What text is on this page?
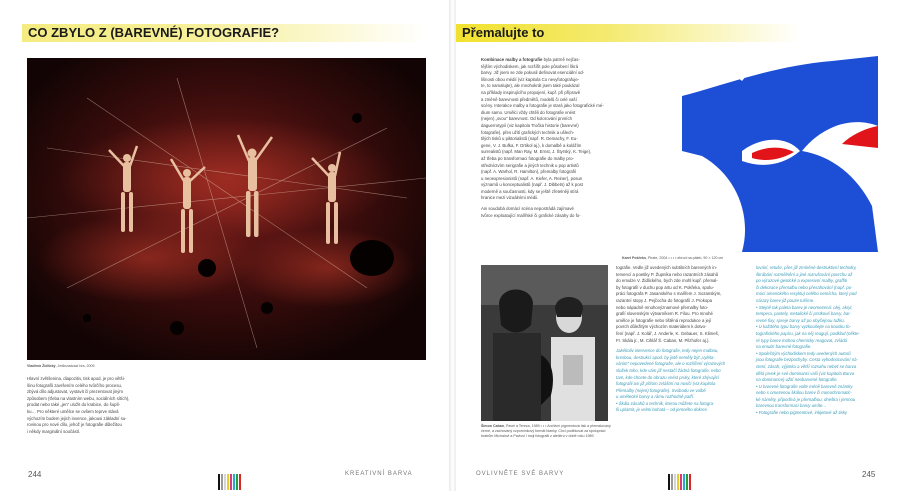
CO ZBYLO Z (BAREVNÉ) FOTOGRAFIE?
Vladimír Židlický, Jedinzadzaci hra, 2009
Hlavní zvětšenina, diapozitiv, tisk apod. je pro větši-
šinu fotografů završením celého tvůrčího procesu,
zbývá dílo adjustovat, vystavit či prezentovat jiným
způsobem (třeba na vlastním webu, sociálních sítích),
prodat nebo také „jen“ uložit do krabice, do šuplí-
ku… Pro některé umělce se ovšem teprve stává
výchozím bodem jejich invence, jakousi základní su-
rovinou pro nové dílo, jehož je fotografie důležitou
i někdy marginální součástí.
244	KREATIVNÍ BARVA
Přemalujte to
Kombinace malby a fotografie byla patrně nejčas-
tějším východiskem, jak rozšířit pole působení škrá
barvy. Již jsem se zde pokusil definovat esenciální od-
lišnosti obou médií (viz kapitola Co nevyfotografuje-
te, to namalujte), ale mnohokrát jsem také poukázal
na příklady inspirujícího propojení, kupř. při přípravě
a změně barevnosti předmětů, modelů či celé vaší
scény. Interakce malby a fotografie je stará jako fotografické mé-
dium samo. Umělci vždy chtěli do fotografie vnést
(nejen) „svou“ barevnost. Od kolorování prvních
daguerrotypií (viz kapitola Tročka historie (barevné)
fotografie), přes užití grafických technik a ušlech-
tilých tisků u piktorialistů (např. R. Demachy, F. Eu-
gene, V. J. Bufka, F. Drtikol aj.), k domalbě a kolážím
surrealistů (např. Man Ray, M. Ernst, J. Štyrský, K. Teige),
až třeba po transformaci fotografie do malby pro-
středníctvím serigrafie a jiných technik u pop artistů
(např. A. Warhol, R. Hamilton), přemalby fotografií
u neoexpresionistů (např. A. Kiefer, A. Reiner), posun
významů u konceptualistů (např. J. Dibbets) až k post
moderně a současnosti, kdy se ještě zřetelněji stírá
hranice mezi vizuálními médii.
Ani soudobá domácí scéna nepostrádá zajímavé
tvůrce exploatující malířské či grafické zásahy do fo-
Karel Pokřeks, Pirate, 2004 • • • • ebrod na páleb, 90 × 120 cm
Šimon Caban, Pavel a Tereza, 1989 • • • Archivní pigmentová tisk a přemalovaný
černé, a zachovaný vzpomínkový formát blanky. Chci poděkovat za spolupráci
bratrům Michalovi a Pavlovi i moji fotografii z ateliéru v době roku 1989.
tografie. Vedle již uvedených subtilních barevných in-
tervencí a poetiky P. Župníka nebo razantních zásahů
do emulze V. Židlického, bych zde mohl kupř. přemal-
by fotografií v duchu pop artu od K. Pokřeka, spolu-
práci fotografa P. Jasanského s malířem J. Sozanským,
razantní stopy J. Pejčocha do fotografií J. Prokopa
nebo nápadně mnohovýznamové přemalby foto-
grafií slovenským výtvarníkem R. Filou. Pro mnohé
umělce je fotografie nebo tištěná reprodukce a její
povrch důležitým výchozím materiálem k dotvo-
ření (např. J. Kolář, J. Anderle, K. Gebauer, S. Klimeš,
Fr. Skála jr., M. Cihlář Š. Caban, M. Pilzhofer aj.).
Jakékoliv intervence do fotografie, tedy nejen malbou,
kresbou, destrukcí apod. by jistě neměly být „vyléta-
vánim“ nepovedené fotografie, ale o rozšíření výrazových
složek toho, kde vám již nestačí žádná fotografie, nebo
tam, kde chcete do obrazu vnést prvky, které zbývající
fotografii asi již přitom zvláštní na nosiči (viz kapitola
Přemalby (nejen) fotografie). Svobodu ve volbě
u umělecké barvy a rámu rozhodně patří.
• Škála zásahů a technik, kterou můžete na fotogra-
fii uplatnit, je velmi bohatá – od jemného dokres-
lování, retuše, přes již zmíněné destruktivní techniky,
škrábání rozmělnění a jiné rozrušování povrchu až
po výrazové gestické a expresivní malby, graffiti
či dekorace přemalbu nebo přesahování (např. po-
mocí amerického recyklu) celého nemícha, který pod
nárazy barev již pouze tušíme.
• Stejně tak paleta barev je neomezená: olej, akryl,
tempera, pastely, metalické či prstkové barvy, bar-
revné fixy, spreje barvy až po obyčejnou tužku.
• U každého typu barvy vyzkoušejte na kousku fo-
tografického papíru, jak na něj reagují, podklad (někte-
ré typy barev mohou chemicky reagovat, zvládá
na emulzi barevné fotografie.
• Společným východiskem tedy uvedených autorů
jsou fotografie bezpochyby. Cesta vyhodnocování ná-
ctení, zásah, výjimka a větší rozsahu nebeť se barva
dělá prvek je své dominanci vaši (viz kapitola Barva
na dominance) užití neobarvené fotografie.
• U barevné fotografie volte méně barevně známky
nebo s omezenou škálou barev či monochromatic-
ké náměty, připodívá je přemalbou, dneška i jemnou
barevnou transformaci barvy umíte…
• Fotografie nebo pigmentové, inkjetové až tisky
OVLIVNĚTE SVÉ BARVY	245
